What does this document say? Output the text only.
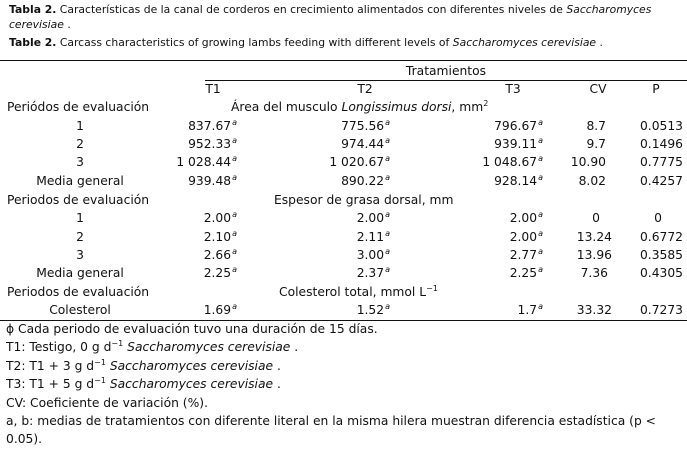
Tabla 2. Características de la canal de corderos en crecimiento alimentados con diferentes niveles de Saccharomyces cerevisiae .
Table 2. Carcass characteristics of growing lambs feeding with different levels of Saccharomyces cerevisiae .
Tratamientos
T1	T2	T3	CV	P
Periódos de evaluación	Área del musculo Longissimus dorsi, $mm^2$
1	837.67$^a$	775.56$^a$	796.67$^a$	8.7	0.0513
2	952.33$^a$	974.44$^a$	939.11$^a$	9.7	0.1496
3	1 028.44$^a$	1 020.67$^a$	1 048.67$^a$	10.90	0.7775
Media general	939.48$^a$	890.22$^a$	928.14$^a$	8.02	0.4257
Periodos de evaluación	Espesor de grasa dorsal, mm
1	2.00$^a$	2.00$^a$	2.00$^a$	0	0
2	2.10$^a$	2.11$^a$	2.00$^a$	13.24	0.6772
3	2.66$^a$	3.00$^a$	2.77$^a$	13.96	0.3585
Media general	2.25$^a$	2.37$^a$	2.25$^a$	7.36	0.4305
Periodos de evaluación	Colesterol total, mmol $L^{-1}$
Colesterol	1.69$^a$	1.52$^a$	1.7$^a$	33.32	0.7273
ϕ Cada periodo de evaluación tuvo una duración de 15 días.
T1: Testigo, 0 g $d^{-1}$ Saccharomyces cerevisiae .
T2: T1 + 3 g $d^{-1}$ Saccharomyces cerevisiae .
T3: T1 + 5 g $d^{-1}$ Saccharomyces cerevisiae .
CV: Coeficiente de variación (%).
a, b: medias de tratamientos con diferente literal en la misma hilera muestran diferencia estadística (p < 0.05).
